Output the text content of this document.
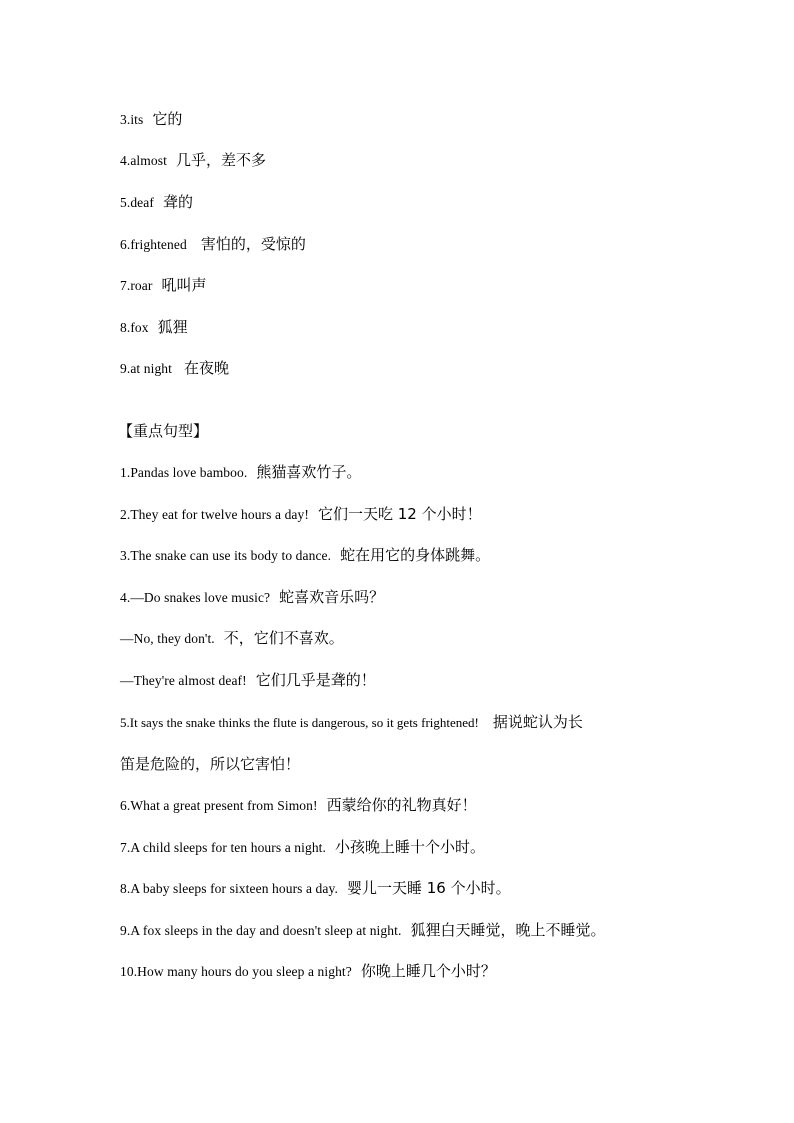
3.its 它的
4.almost 几乎，差不多
5.deaf 聋的
6.frightened 害怕的，受惊的
7.roar 吼叫声
8.fox 狐狸
9.at night 在夜晚
【重点句型】
1.Pandas love bamboo. 熊猫喜欢竹子。
2.They eat for twelve hours a day! 它们一天吃 12 个小时！
3.The snake can use its body to dance. 蛇在用它的身体跳舞。
4.—Do snakes love music? 蛇喜欢音乐吗？
—No, they don't. 不，它们不喜欢。
—They're almost deaf! 它们几乎是聋的！
5.It says the snake thinks the flute is dangerous, so it gets frightened! 据说蛇认为长
笛是危险的，所以它害怕！
6.What a great present from Simon! 西蒙给你的礼物真好！
7.A child sleeps for ten hours a night. 小孩晚上睡十个小时。
8.A baby sleeps for sixteen hours a day. 婴儿一天睡 16 个小时。
9.A fox sleeps in the day and doesn't sleep at night. 狐狸白天睡觉，晚上不睡觉。
10.How many hours do you sleep a night? 你晚上睡几个小时？
